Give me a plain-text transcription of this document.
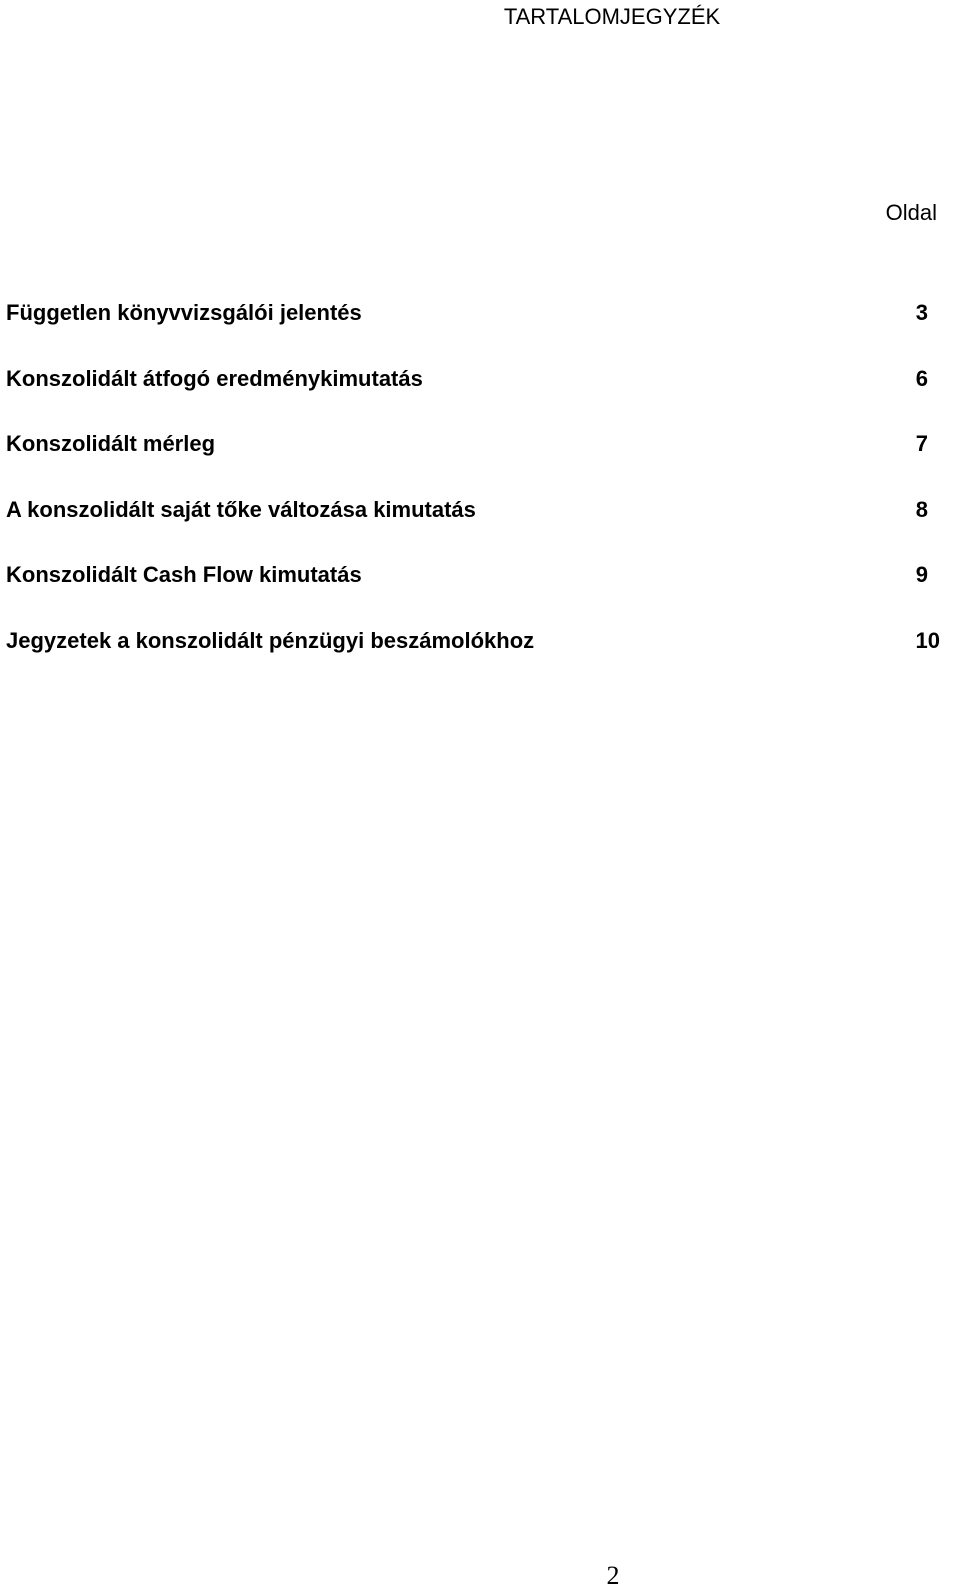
TARTALOMJEGYZÉK
Oldal
Független könyvvizsgálói jelentés	3
Konszolidált átfogó eredménykimutatás	6
Konszolidált mérleg	7
A konszolidált saját tőke változása kimutatás	8
Konszolidált Cash Flow kimutatás	9
Jegyzetek a konszolidált pénzügyi beszámolókhoz	10
2
